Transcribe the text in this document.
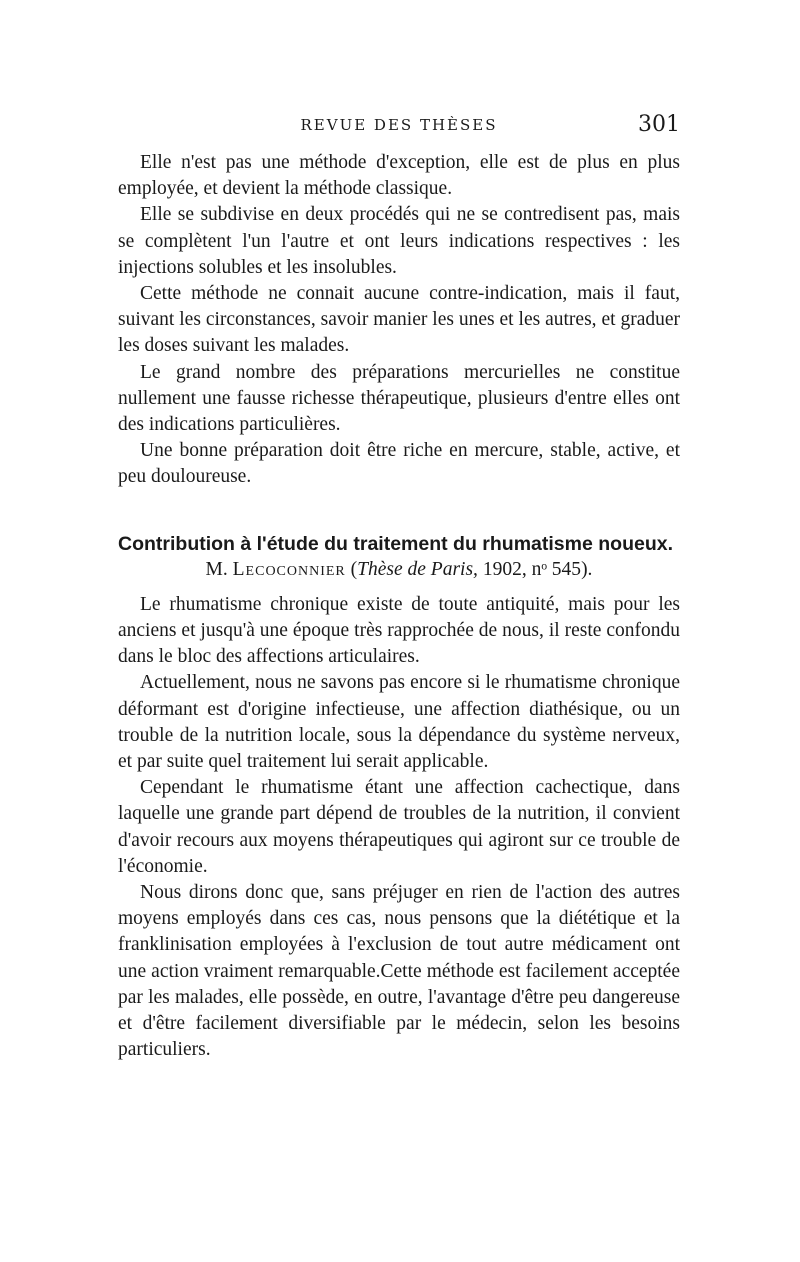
REVUE DES THÈSES	301

Elle n'est pas une méthode d'exception, elle est de plus en plus employée, et devient la méthode classique.

Elle se subdivise en deux procédés qui ne se contredisent pas, mais se complètent l'un l'autre et ont leurs indications respectives : les injections solubles et les insolubles.

Cette méthode ne connait aucune contre-indication, mais il faut, suivant les circonstances, savoir manier les unes et les autres, et graduer les doses suivant les malades.

Le grand nombre des préparations mercurielles ne constitue nullement une fausse richesse thérapeutique, plusieurs d'entre elles ont des indications particulières.

Une bonne préparation doit être riche en mercure, stable, active, et peu douloureuse.

Contribution à l'étude du traitement du rhumatisme noueux.
M. Lecoconnier (Thèse de Paris, 1902, nᵒ 545).

Le rhumatisme chronique existe de toute antiquité, mais pour les anciens et jusqu'à une époque très rapprochée de nous, il reste confondu dans le bloc des affections articulaires.

Actuellement, nous ne savons pas encore si le rhumatisme chronique déformant est d'origine infectieuse, une affection diathésique, ou un trouble de la nutrition locale, sous la dépendance du système nerveux, et par suite quel traitement lui serait applicable.

Cependant le rhumatisme étant une affection cachectique, dans laquelle une grande part dépend de troubles de la nutrition, il convient d'avoir recours aux moyens thérapeutiques qui agiront sur ce trouble de l'économie.

Nous dirons donc que, sans préjuger en rien de l'action des autres moyens employés dans ces cas, nous pensons que la diététique et la franklinisation employées à l'exclusion de tout autre médicament ont une action vraiment remarquable.Cette méthode est facilement acceptée par les malades, elle possède, en outre, l'avantage d'être peu dangereuse et d'être facilement diversifiable par le médecin, selon les besoins particuliers.
